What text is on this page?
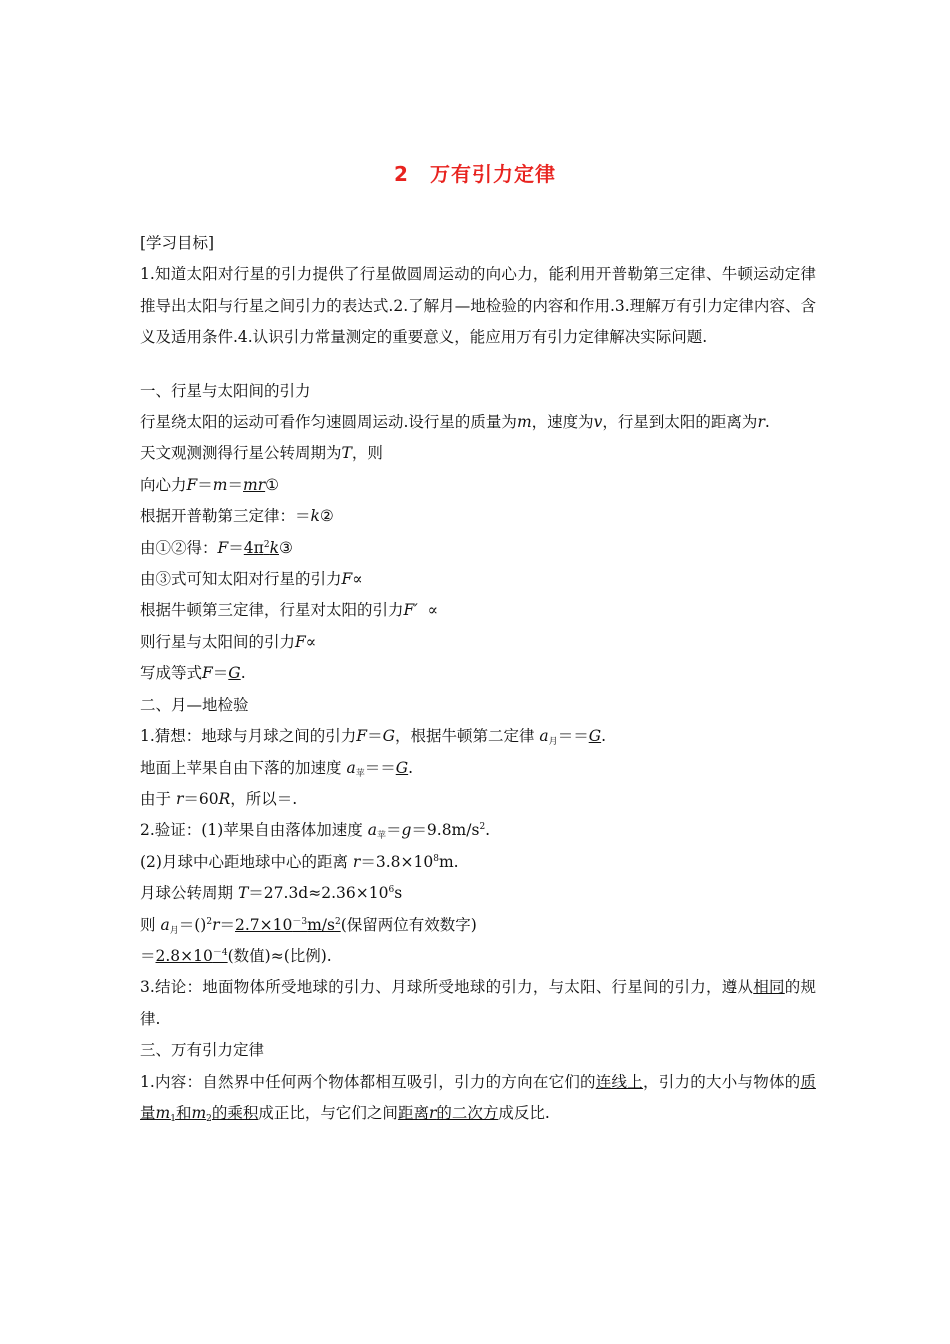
2　万有引力定律
[学习目标]
1.知道太阳对行星的引力提供了行星做圆周运动的向心力，能利用开普勒第三定律、牛顿运动定律推导出太阳与行星之间引力的表达式.2.了解月—地检验的内容和作用.3.理解万有引力定律内容、含义及适用条件.4.认识引力常量测定的重要意义，能应用万有引力定律解决实际问题.
一、行星与太阳间的引力
行星绕太阳的运动可看作匀速圆周运动.设行星的质量为m，速度为v，行星到太阳的距离为r.
天文观测测得行星公转周期为T，则
向心力F＝m＝mr①
根据开普勒第三定律：＝k②
由①②得：$F=4\pi^2k③$
由③式可知太阳对行星的引力F∝
根据牛顿第三定律，行星对太阳的引力F′ ∝
则行星与太阳间的引力F∝
写成等式F＝G.
二、月—地检验
1.猜想：地球与月球之间的引力F＝G，根据牛顿第二定律 $a_月==G$.
地面上苹果自由下落的加速度 $a_苹==G$.
由于 r＝60R，所以＝.
2.验证：(1)苹果自由落体加速度 $a_苹=g=9.8m/s^2$.
(2)月球中心距地球中心的距离 $r=3.8\times 10^8m$.
月球公转周期 $T=27.3d\approx 2.36\times 10^6s$
则 $a_月=()^2r=2.7\times 10^{-3}m/s^2$(保留两位有效数字)
$=2.8\times 10^{-4}$(数值)≈(比例).
3.结论：地面物体所受地球的引力、月球所受地球的引力，与太阳、行星间的引力，遵从相同的规律.
三、万有引力定律
1.内容：自然界中任何两个物体都相互吸引，引力的方向在它们的连线上，引力的大小与物体的质量$m_1$和$m_2$的乘积成正比，与它们之间距离r的二次方成反比.
